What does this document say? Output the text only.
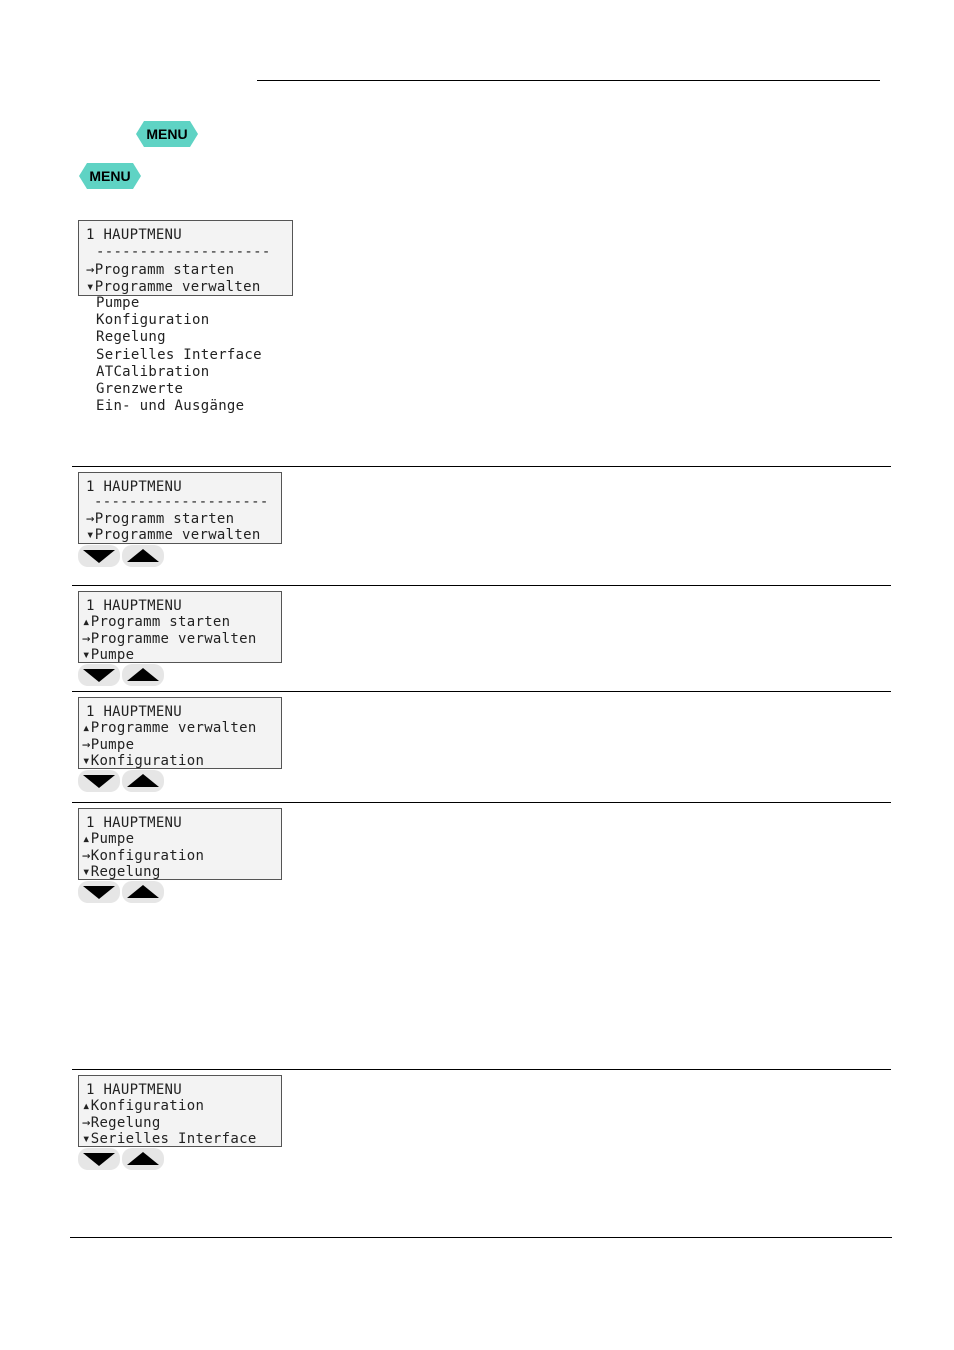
MENU
MENU
1 HAUPTMENU
--------------------
→Programm starten
▾Programme verwalten
Pumpe
Konfiguration
Regelung
Serielles Interface
ATCalibration
Grenzwerte
Ein- und Ausgänge
1 HAUPTMENU
--------------------
→Programm starten
▾Programme verwalten
1 HAUPTMENU
▴Programm starten
→Programme verwalten
▾Pumpe
1 HAUPTMENU
▴Programme verwalten
→Pumpe
▾Konfiguration
1 HAUPTMENU
▴Pumpe
→Konfiguration
▾Regelung
1 HAUPTMENU
▴Konfiguration
→Regelung
▾Serielles Interface
